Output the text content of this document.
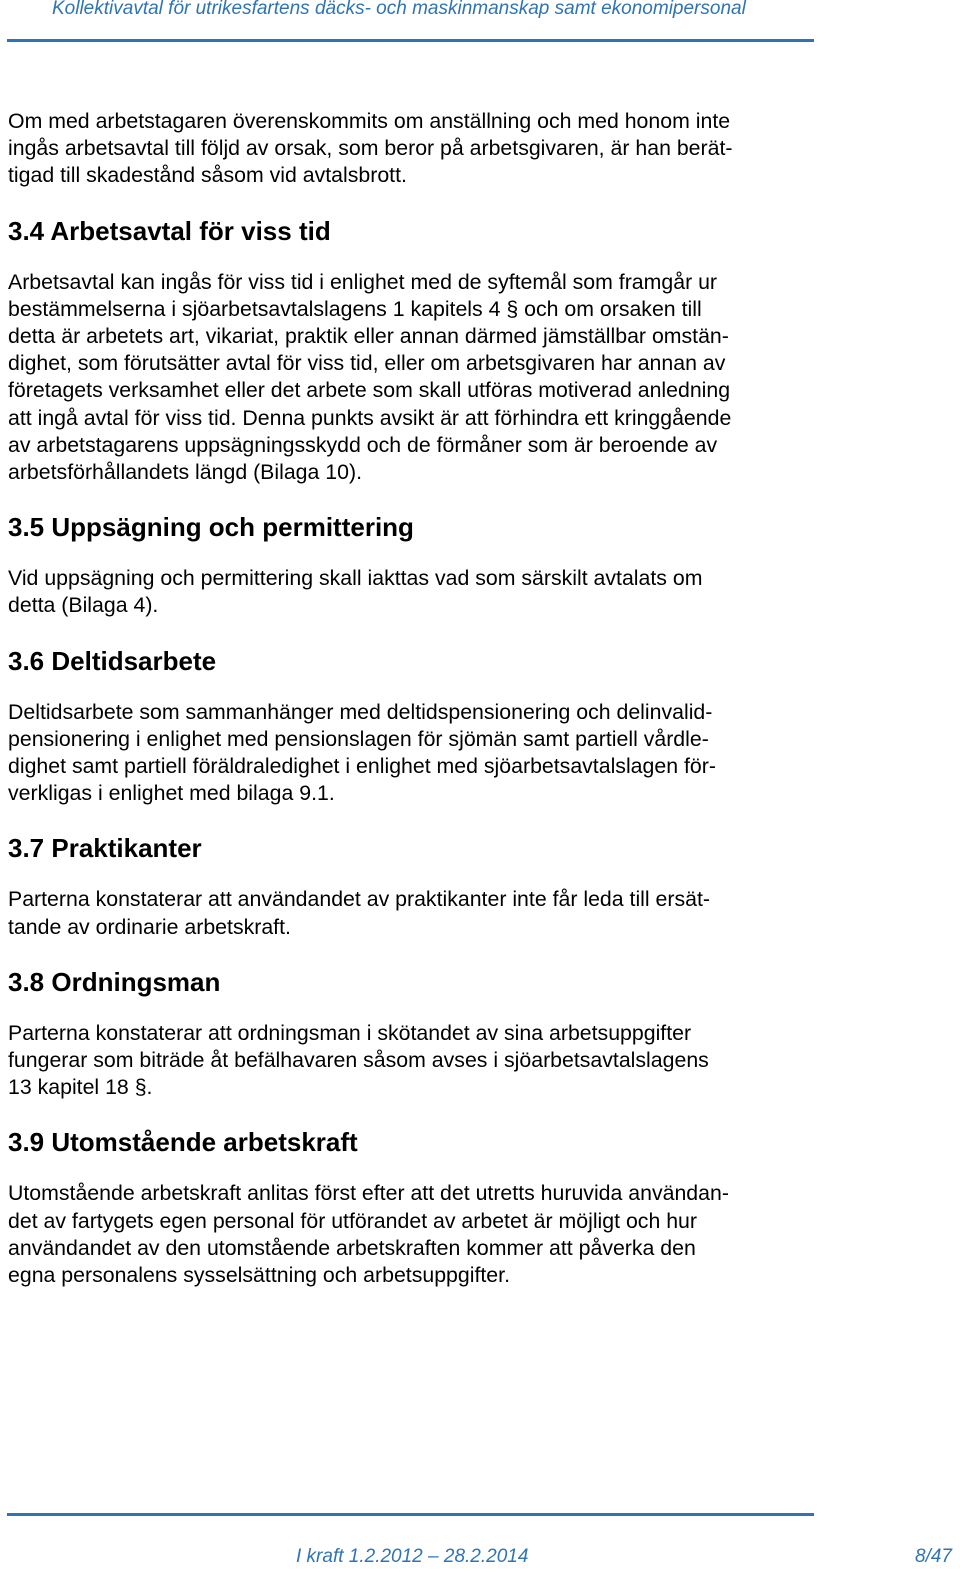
Kollektivavtal för utrikesfartens däcks- och maskinmanskap samt ekonomipersonal

Om med arbetstagaren överenskommits om anställning och med honom inte
ingås arbetsavtal till följd av orsak, som beror på arbetsgivaren, är han berät-
tigad till skadestånd såsom vid avtalsbrott.

3.4 Arbetsavtal för viss tid

Arbetsavtal kan ingås för viss tid i enlighet med de syftemål som framgår ur
bestämmelserna i sjöarbetsavtalslagens 1 kapitels 4 § och om orsaken till
detta är arbetets art, vikariat, praktik eller annan därmed jämställbar omstän-
dighet, som förutsätter avtal för viss tid, eller om arbetsgivaren har annan av
företagets verksamhet eller det arbete som skall utföras motiverad anledning
att ingå avtal för viss tid. Denna punkts avsikt är att förhindra ett kringgående
av arbetstagarens uppsägningsskydd och de förmåner som är beroende av
arbetsförhållandets längd (Bilaga 10).

3.5 Uppsägning och permittering

Vid uppsägning och permittering skall iakttas vad som särskilt avtalats om
detta (Bilaga 4).

3.6 Deltidsarbete

Deltidsarbete som sammanhänger med deltidspensionering och delinvalid-
pensionering i enlighet med pensionslagen för sjömän samt partiell vårdle-
dighet samt partiell föräldraledighet i enlighet med sjöarbetsavtalslagen för-
verkligas i enlighet med bilaga 9.1.

3.7 Praktikanter

Parterna konstaterar att användandet av praktikanter inte får leda till ersät-
tande av ordinarie arbetskraft.

3.8 Ordningsman

Parterna konstaterar att ordningsman i skötandet av sina arbetsuppgifter
fungerar som biträde åt befälhavaren såsom avses i sjöarbetsavtalslagens
13 kapitel 18 §.

3.9 Utomstående arbetskraft

Utomstående arbetskraft anlitas först efter att det utretts huruvida användan-
det av fartygets egen personal för utförandet av arbetet är möjligt och hur
användandet av den utomstående arbetskraften kommer att påverka den
egna personalens sysselsättning och arbetsuppgifter.

I kraft 1.2.2012 – 28.2.2014	8/47
